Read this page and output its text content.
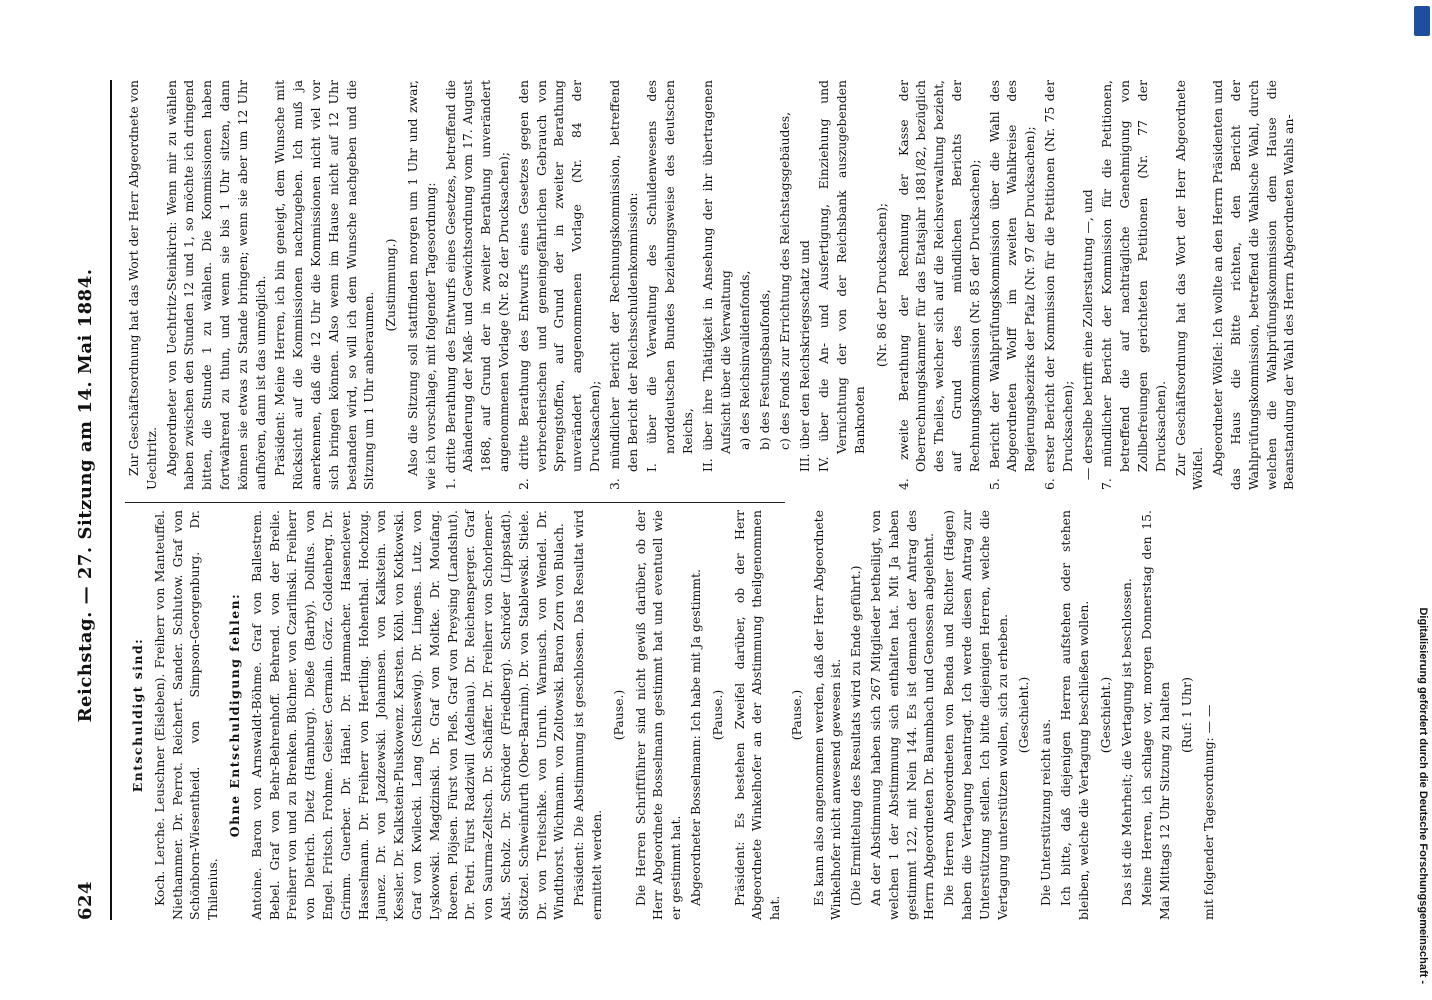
624
Reichstag. — 27. Sitzung am 14. Mai 1884.	Entschuldigt sind: Koch. Lerche. Leuschner (Eisleben). Freiherr von Manteuffel. Niethammer. Dr. Perrot. Reichert. Sander. Schlutow. Graf von Schönborn-Wiesentheid. von Simpson-Georgenburg. Dr. Thilenius.

Ohne Entschuldigung fehlen: Antoine. Baron von Arnswaldt-Böhme. Graf von Ballestrem. Bebel. Graf von Behr-Behrenhoff. Behrend. von der Brelie. Freiherr von und zu Brenken. Büchner. von Czarlinski. Freiherr von Dietrich. Dietz (Hamburg). Dieße (Barby). Dollfus. von Engel. Fritsch. Frohme. Geiser. Germain. Görz. Goldenberg. Dr. Grimm. Guerber. Dr. Hänel. Dr. Hammacher. Hasenclever. Hasselmann. Dr. Freiherr von Hertling. Hohenthal. Hochzug. Jaunez. Dr. von Jazdzewski. Johannsen. von Kalkstein. von Kessler. Dr. Kalkstein-Pluskowenz. Karsten. Köhl. von Kotkowski. Graf von Kwilecki. Lang (Schleswig). Dr. Lingens. Lutz. von Lyskowski. Magdzinski. Dr. Graf von Moltke. Dr. Moufang. Roeren. Plöjsen. Fürst von Pleß. Graf von Preysing (Landshut). Dr. Petri. Fürst Radziwill (Adelnau). Dr. Reichensperger. Graf von Saurma-Zeltsch. Dr. Schäffer. Dr. Freiherr von Schorlemer-Alst. Scholz. Dr. Schröder (Friedberg). Schröder (Lippstadt). Stötzel. Schweinfurth (Ober-Barnim). Dr. von Stablewski. Stiele. Dr. von Treitschke. von Unruh. Warnusch. von Wendel. Dr. Windthorst. Wichmann. von Zoltowski. Baron Zorn von Bulach. Präsident: Die Abstimmung ist geschlossen. Das Resultat wird ermittelt werden.

(Pause.) Die Herren Schriftführer sind nicht gewiß darüber, ob der Herr Abgeordnete Bosselmann gestimmt hat und eventuell wie er gestimmt hat. Abgeordneter Bosselmann: Ich habe mit Ja gestimmt. (Pause.) Präsident: Es bestehen Zweifel darüber, ob der Herr Abgeordnete Winkelhofer an der Abstimmung theilgenommen hat.

(Pause.) Es kann also angenommen werden, daß der Herr Abgeordnete Winkelhofer nicht anwesend gewesen ist. (Die Ermittelung des Resultats wird zu Ende geführt.) An der Abstimmung haben sich 267 Mitglieder betheiligt, von welchen 1 der Abstimmung sich enthalten hat. Mit Ja haben gestimmt 122, mit Nein 144. Es ist demnach der Antrag des Herrn Abgeordneten Dr. Baumbach und Genossen abgelehnt. Die Herren Abgeordneten von Benda und Richter (Hagen) haben die Vertagung beantragt. Ich werde diesen Antrag zur Unterstützung stellen. Ich bitte diejenigen Herren, welche die Vertagung unterstützen wollen, sich zu erheben. (Geschieht.)

Die Unterstützung reicht aus. Ich bitte, daß diejenigen Herren aufstehen oder stehen bleiben, welche die Vertagung beschließen wollen. (Geschieht.) Das ist die Mehrheit; die Vertagung ist beschlossen. Meine Herren, ich schlage vor, morgen Donnerstag den 15. Mai Mittags 12 Uhr Sitzung zu halten (Ruf: 1 Uhr) mit folgender Tagesordnung: — —

Zur Geschäftsordnung hat das Wort der Herr Abgeordnete von Uechtritz. Abgeordneter von Uechtritz-Steinkirch: Wenn mir zu wählen haben zwischen den Stunden 12 und 1, so möchte ich dringend bitten, die Stunde 1 zu wählen. Die Kommissionen haben fortwährend zu thun, und wenn sie bis 1 Uhr sitzen, dann können sie etwas zu Stande bringen; wenn sie aber um 12 Uhr aufhören, dann ist das unmöglich. Präsident: Meine Herren, ich bin geneigt, dem Wunsche mit Rücksicht auf die Kommissionen nachzugeben. Ich muß ja anerkennen, daß die 12 Uhr die Kommissionen nicht viel vor sich bringen können. Also wenn im Hause nicht auf 12 Uhr bestanden wird, so will ich dem Wunsche nachgeben und die Sitzung um 1 Uhr anberaumen.

(Zustimmung.) Also die Sitzung soll stattfinden morgen um 1 Uhr und zwar, wie ich vorschlage, mit folgender Tagesordnung: 1. dritte Berathung des Entwurfs eines Gesetzes, betreffend die Abänderung der Maß- und Gewichtsordnung vom 17. August 1868, auf Grund der in zweiter Berathung unverändert angenommenen Vorlage (Nr. 82 der Drucksachen); 2. dritte Berathung des Entwurfs eines Gesetzes gegen den verbrecherischen und gemeingefährlichen Gebrauch von Sprengstoffen, auf Grund der in zweiter Berathung unverändert angenommenen Vorlage (Nr. 84 der Drucksachen); 3. mündlicher Bericht der Rechnungskommission, betreffend den Bericht der Reichsschuldenkommission: I. über die Verwaltung des Schuldenwesens des norddeutschen Bundes beziehungsweise des deutschen Reichs, II. über ihre Thätigkeit in Ansehung der ihr übertragenen Aufsicht über die Verwaltung a) des Reichsinvalidenfonds, b) des Festungsbaufonds, c) des Fonds zur Errichtung des Reichstagsgebäudes, III. über den Reichskriegsschatz und IV. über die An- und Ausfertigung, Einziehung und Vernichtung der von der Reichsbank auszugebenden Banknoten

(Nr. 86 der Drucksachen); 4. zweite Berathung der Rechnung der Kasse der Oberrechnungskammer für das Etatsjahr 1881/82, bezüglich des Theiles, welcher sich auf die Reichsverwaltung bezieht, auf Grund des mündlichen Berichts der Rechnungskommission (Nr. 85 der Drucksachen); 5. Bericht der Wahlprüfungskommission über die Wahl des Abgeordneten Wolff im zweiten Wahlkreise des Regierungsbezirks der Pfalz (Nr. 97 der Drucksachen); 6. erster Bericht der Kommission für die Petitionen (Nr. 75 der Drucksachen); — derselbe betrifft eine Zollerstattung —, und 7. mündlicher Bericht der Kommission für die Petitionen, betreffend die auf nachträgliche Genehmigung von Zollbefreiungen gerichteten Petitionen (Nr. 77 der Drucksachen). Zur Geschäftsordnung hat das Wort der Herr Abgeordnete Wölfel. Abgeordneter Wölfel: Ich wollte an den Herrn Präsidenten und das Haus die Bitte richten, den Bericht der Wahlprüfungskommission, betreffend die Wahlsche Wahl, durch welchen die Wahlprüfungskommission dem Hause die Beanstandung der Wahl des Herrn Abgeordneten Wahls an-

Digitalisierung gefördert durch die Deutsche Forschungsgemeinschaft -
